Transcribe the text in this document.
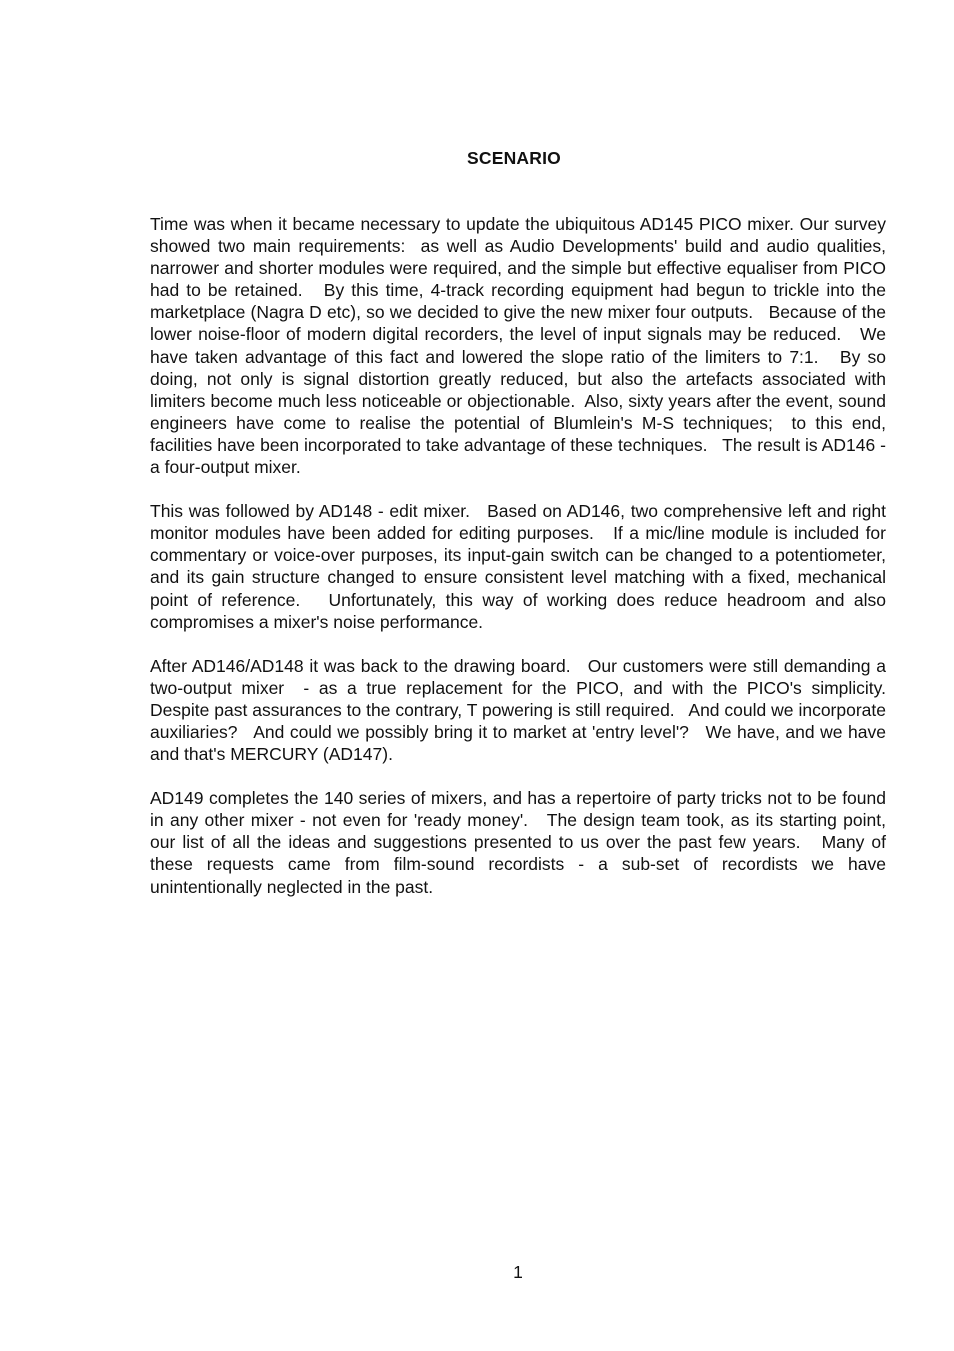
SCENARIO

Time was when it became necessary to update the ubiquitous AD145 PICO mixer. Our survey showed two main requirements:  as well as Audio Developments' build and audio qualities, narrower and shorter modules were required, and the simple but effective equaliser from PICO had to be retained.   By this time, 4-track recording equipment had begun to trickle into the marketplace (Nagra D etc), so we decided to give the new mixer four outputs.   Because of the lower noise-floor of modern digital recorders, the level of input signals may be reduced.   We have taken advantage of this fact and lowered the slope ratio of the limiters to 7:1.   By so doing, not only is signal distortion greatly reduced, but also the artefacts associated with limiters become much less noticeable or objectionable.  Also, sixty years after the event, sound engineers have come to realise the potential of Blumlein's M-S techniques;  to this end, facilities have been incorporated to take advantage of these techniques.   The result is AD146 - a four-output mixer.

This was followed by AD148 - edit mixer.   Based on AD146, two comprehensive left and right monitor modules have been added for editing purposes.   If a mic/line module is included for commentary or voice-over purposes, its input-gain switch can be changed to a potentiometer, and its gain structure changed to ensure consistent level matching with a fixed, mechanical point of reference.   Unfortunately, this way of working does reduce headroom and also compromises a mixer's noise performance.

After AD146/AD148 it was back to the drawing board.   Our customers were still demanding a two-output mixer  - as a true replacement for the PICO, and with the PICO's simplicity.   Despite past assurances to the contrary, T powering is still required.   And could we incorporate auxiliaries?   And could we possibly bring it to market at 'entry level'?   We have, and we have and that's MERCURY (AD147).

AD149 completes the 140 series of mixers, and has a repertoire of party tricks not to be found in any other mixer - not even for 'ready money'.   The design team took, as its starting point, our list of all the ideas and suggestions presented to us over the past few years.   Many of these requests came from film-sound recordists - a sub-set of recordists we have unintentionally neglected in the past.

1
